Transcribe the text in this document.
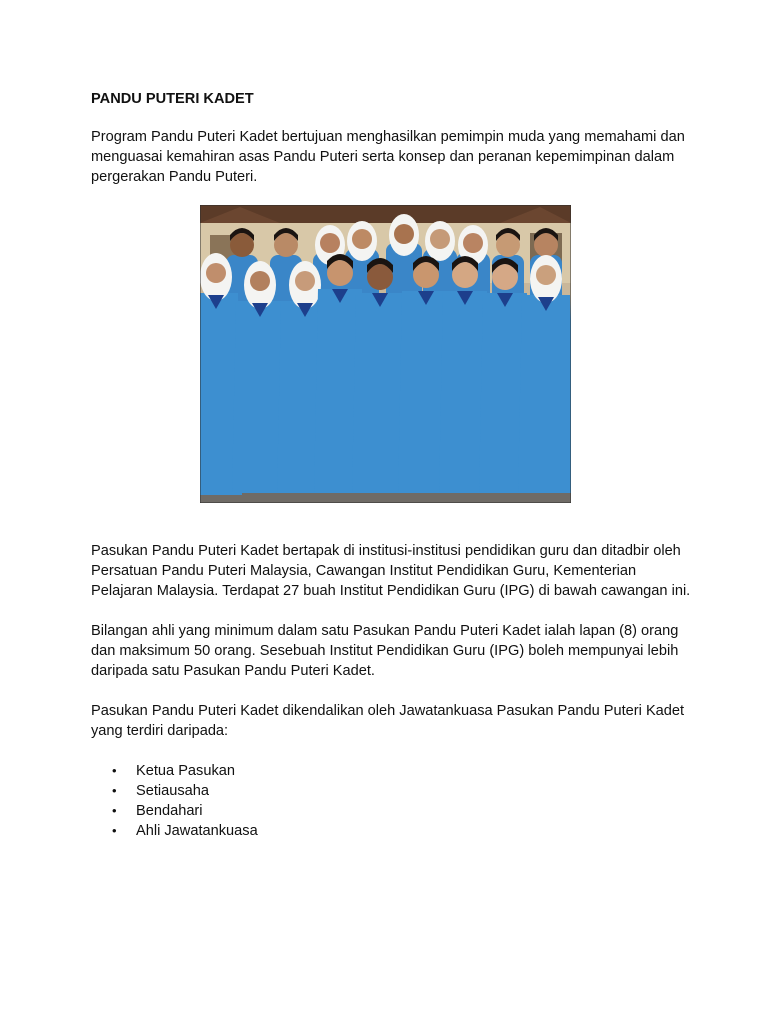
PANDU PUTERI KADET

Program Pandu Puteri Kadet bertujuan menghasilkan pemimpin muda yang memahami dan menguasai kemahiran asas Pandu Puteri serta konsep dan peranan kepemimpinan dalam pergerakan Pandu Puteri.

Pasukan Pandu Puteri Kadet bertapak di institusi-institusi pendidikan guru dan ditadbir oleh Persatuan Pandu Puteri Malaysia, Cawangan Institut Pendidikan Guru, Kementerian Pelajaran Malaysia. Terdapat 27 buah Institut Pendidikan Guru (IPG) di bawah cawangan ini.

Bilangan ahli yang minimum dalam satu Pasukan Pandu Puteri Kadet ialah lapan (8) orang dan maksimum 50 orang. Sesebuah Institut Pendidikan Guru (IPG) boleh mempunyai lebih daripada satu Pasukan Pandu Puteri Kadet.

Pasukan Pandu Puteri Kadet dikendalikan oleh Jawatankuasa Pasukan Pandu Puteri Kadet yang terdiri daripada:

• Ketua Pasukan
• Setiausaha
• Bendahari
• Ahli Jawatankuasa
